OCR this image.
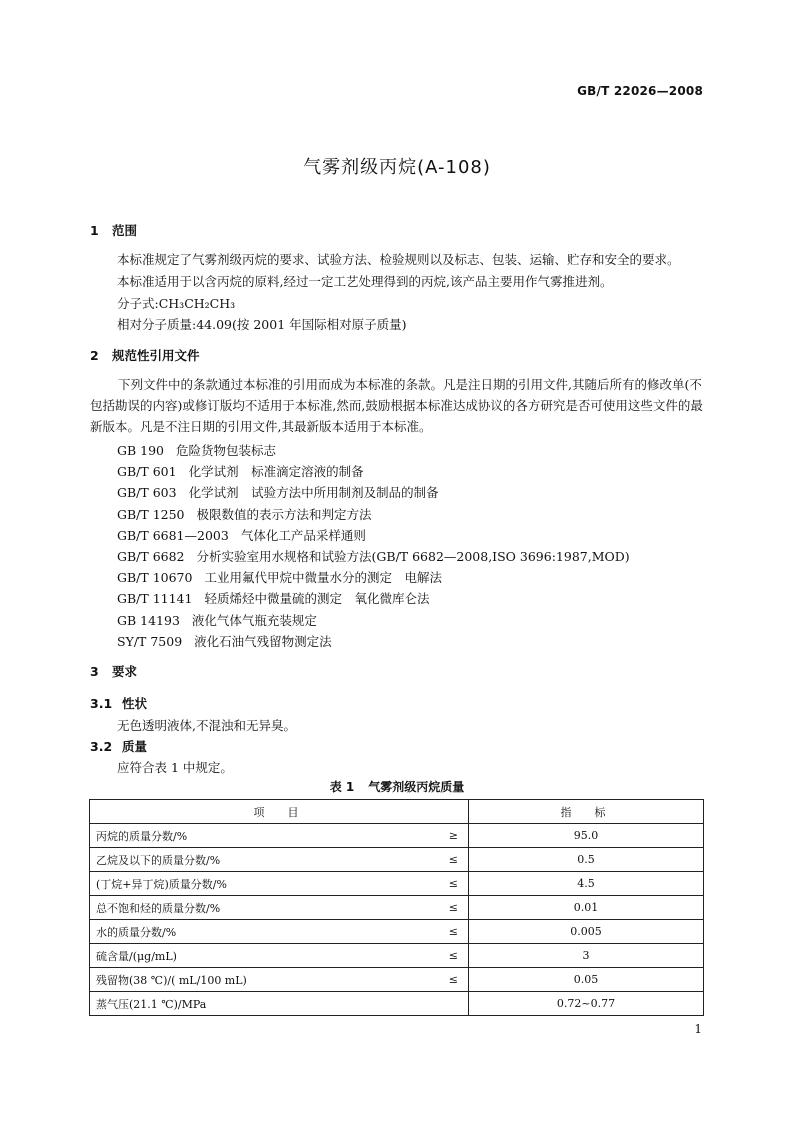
GB/T 22026—2008
气雾剂级丙烷(A-108)
1 范围
本标准规定了气雾剂级丙烷的要求、试验方法、检验规则以及标志、包装、运输、贮存和安全的要求。
本标准适用于以含丙烷的原料,经过一定工艺处理得到的丙烷,该产品主要用作气雾推进剂。
分子式:CH₃CH₂CH₃
相对分子质量:44.09(按 2001 年国际相对原子质量)
2 规范性引用文件
下列文件中的条款通过本标准的引用而成为本标准的条款。凡是注日期的引用文件,其随后所有的修改单(不包括勘误的内容)或修订版均不适用于本标准,然而,鼓励根据本标准达成协议的各方研究是否可使用这些文件的最新版本。凡是不注日期的引用文件,其最新版本适用于本标准。
GB 190 危险货物包装标志
GB/T 601 化学试剂　标准滴定溶液的制备
GB/T 603 化学试剂　试验方法中所用制剂及制品的制备
GB/T 1250 极限数值的表示方法和判定方法
GB/T 6681—2003 气体化工产品采样通则
GB/T 6682 分析实验室用水规格和试验方法(GB/T 6682—2008,ISO 3696:1987,MOD)
GB/T 10670 工业用氟代甲烷中微量水分的测定　电解法
GB/T 11141 轻质烯烃中微量硫的测定　氧化微库仑法
GB 14193 液化气体气瓶充装规定
SY/T 7509 液化石油气残留物测定法
3 要求
3.1 性状
无色透明液体,不混浊和无异臭。
3.2 质量
应符合表 1 中规定。
表 1 气雾剂级丙烷质量
项　目		指　标
丙烷的质量分数/%	≥	95.0
乙烷及以下的质量分数/%	≤	0.5
(丁烷+异丁烷)质量分数/%	≤	4.5
总不饱和烃的质量分数/%	≤	0.01
水的质量分数/%	≤	0.005
硫含量/(μg/mL)	≤	3
残留物(38 ℃)/( mL/100 mL)	≤	0.05
蒸气压(21.1 ℃)/MPa		0.72~0.77
1
